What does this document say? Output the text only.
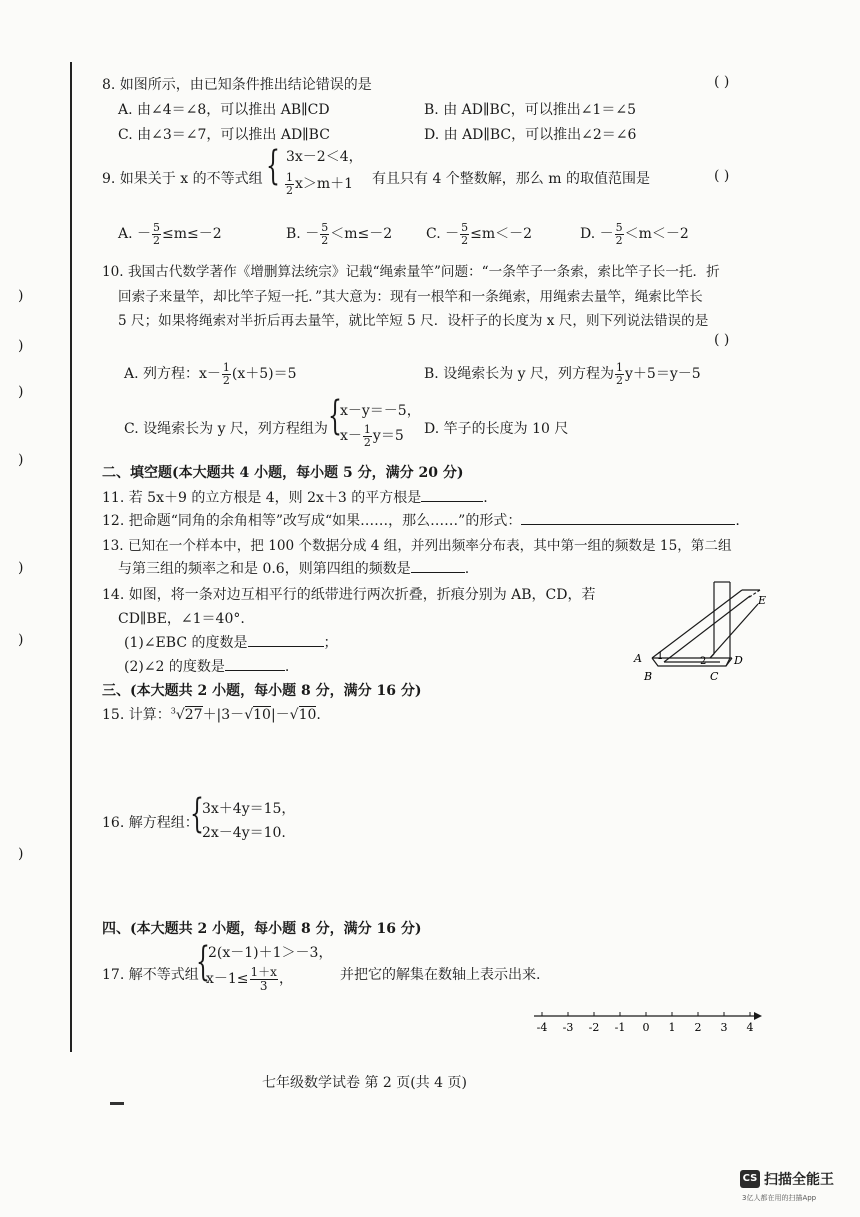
)
)
)
)
)
)
)
8. 如图所示，由已知条件推出结论错误的是	( )
A. 由∠4＝∠8，可以推出 AB∥CD	B. 由 AD∥BC，可以推出∠1＝∠5
C. 由∠3＝∠7，可以推出 AD∥BC	D. 由 AD∥BC，可以推出∠2＝∠6
9. 如果关于 x 的不等式组 { 3x－2＜4，
$\frac{1}{2} x>m+1$ 有且只有 4 个整数解，那么 m 的取值范围是	( )
A. － $\frac{5}{2} \le m\le-2$	B. － $\frac{5}{2} <m\le-2$ C. － $\frac{5}{2} \le m<-2$	D. － $\frac{5}{2} <m<-2$
10. 我国古代数学著作《增删算法统宗》记载“绳索量竿”问题：“一条竿子一条索，索比竿子长一托．折
回索子来量竿，却比竿子短一托．”其大意为：现有一根竿和一条绳索，用绳索去量竿，绳索比竿长
5 尺；如果将绳索对半折后再去量竿，就比竿短 5 尺．设杆子的长度为 x 尺，则下列说法错误的是
( )
A. 列方程：$x- \frac{1}{2} (x+5)=5$	B. 设绳索长为 y 尺，列方程为 $\frac{1}{2} y+5=y-5$
C. 设绳索长为 y 尺，列方程组为 {
x－y＝－5，
$x- \frac{1}{2} y=5$ D. 竿子的长度为 10 尺
二、填空题(本大题共 4 小题，每小题 5 分，满分 20 分)
11. 若 5x＋9 的立方根是 4，则 2x＋3 的平方根是	.
12. 把命题“同角的余角相等”改写成“如果……，那么……”的形式：	.
13. 已知在一个样本中，把 100 个数据分成 4 组，并列出频率分布表，其中第一组的频数是 15，第二组
与第三组的频率之和是 0.6，则第四组的频数是	.
14. 如图，将一条对边互相平行的纸带进行两次折叠，折痕分别为 AB，CD，若
CD∥BE，∠1＝40°.
(1)∠EBC 的度数是	；
(2)∠2 的度数是	.
A
B	C
D
E
1	2
三、(本大题共 2 小题，每小题 8 分，满分 16 分)
15. 计算：$^3$√27＋|3－√10|－√10.
16. 解方程组：
{
3x＋4y＝15，
2x－4y＝10.
四、(本大题共 2 小题，每小题 8 分，满分 16 分)
17. 解不等式组
{
2(x－1)＋1＞－3，
$x-1\le \frac{1+x}{3}$ ，	并把它的解集在数轴上表示出来.
-4 -3 -2 -1 0 1 2 3 4
七年级数学试卷 第 2 页(共 4 页)
CS 扫描全能王
3亿人都在用的扫描App
